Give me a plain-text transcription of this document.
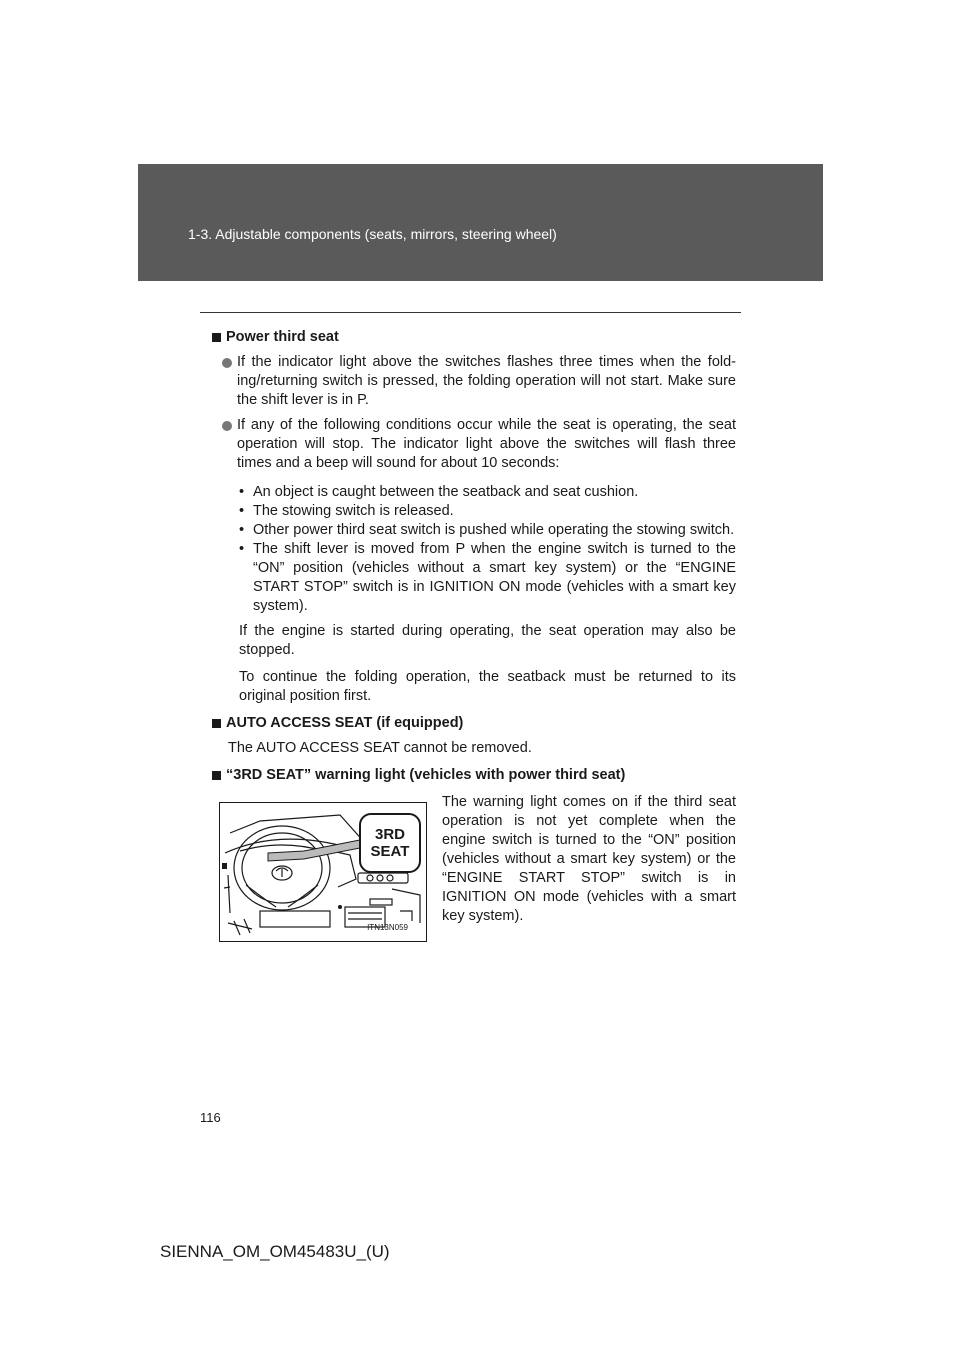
1-3. Adjustable components (seats, mirrors, steering wheel)
Power third seat
If the indicator light above the switches flashes three times when the fold-ing/returning switch is pressed, the folding operation will not start. Make sure the shift lever is in P.
If any of the following conditions occur while the seat is operating, the seat operation will stop. The indicator light above the switches will flash three times and a beep will sound for about 10 seconds:
• An object is caught between the seatback and seat cushion.
• The stowing switch is released.
• Other power third seat switch is pushed while operating the stowing switch.
• The shift lever is moved from P when the engine switch is turned to the “ON” position (vehicles without a smart key system) or the “ENGINE START STOP” switch is in IGNITION ON mode (vehicles with a smart key system).
If the engine is started during operating, the seat operation may also be stopped.
To continue the folding operation, the seatback must be returned to its original position first.
AUTO ACCESS SEAT (if equipped)
The AUTO ACCESS SEAT cannot be removed.
“3RD SEAT” warning light (vehicles with power third seat)
3RD
SEAT
ITN13N059
The warning light comes on if the third seat operation is not yet complete when the engine switch is turned to the “ON” position (vehicles without a smart key system) or the “ENGINE START STOP” switch is in IGNITION ON mode (vehicles with a smart key system).
116
SIENNA_OM_OM45483U_(U)
